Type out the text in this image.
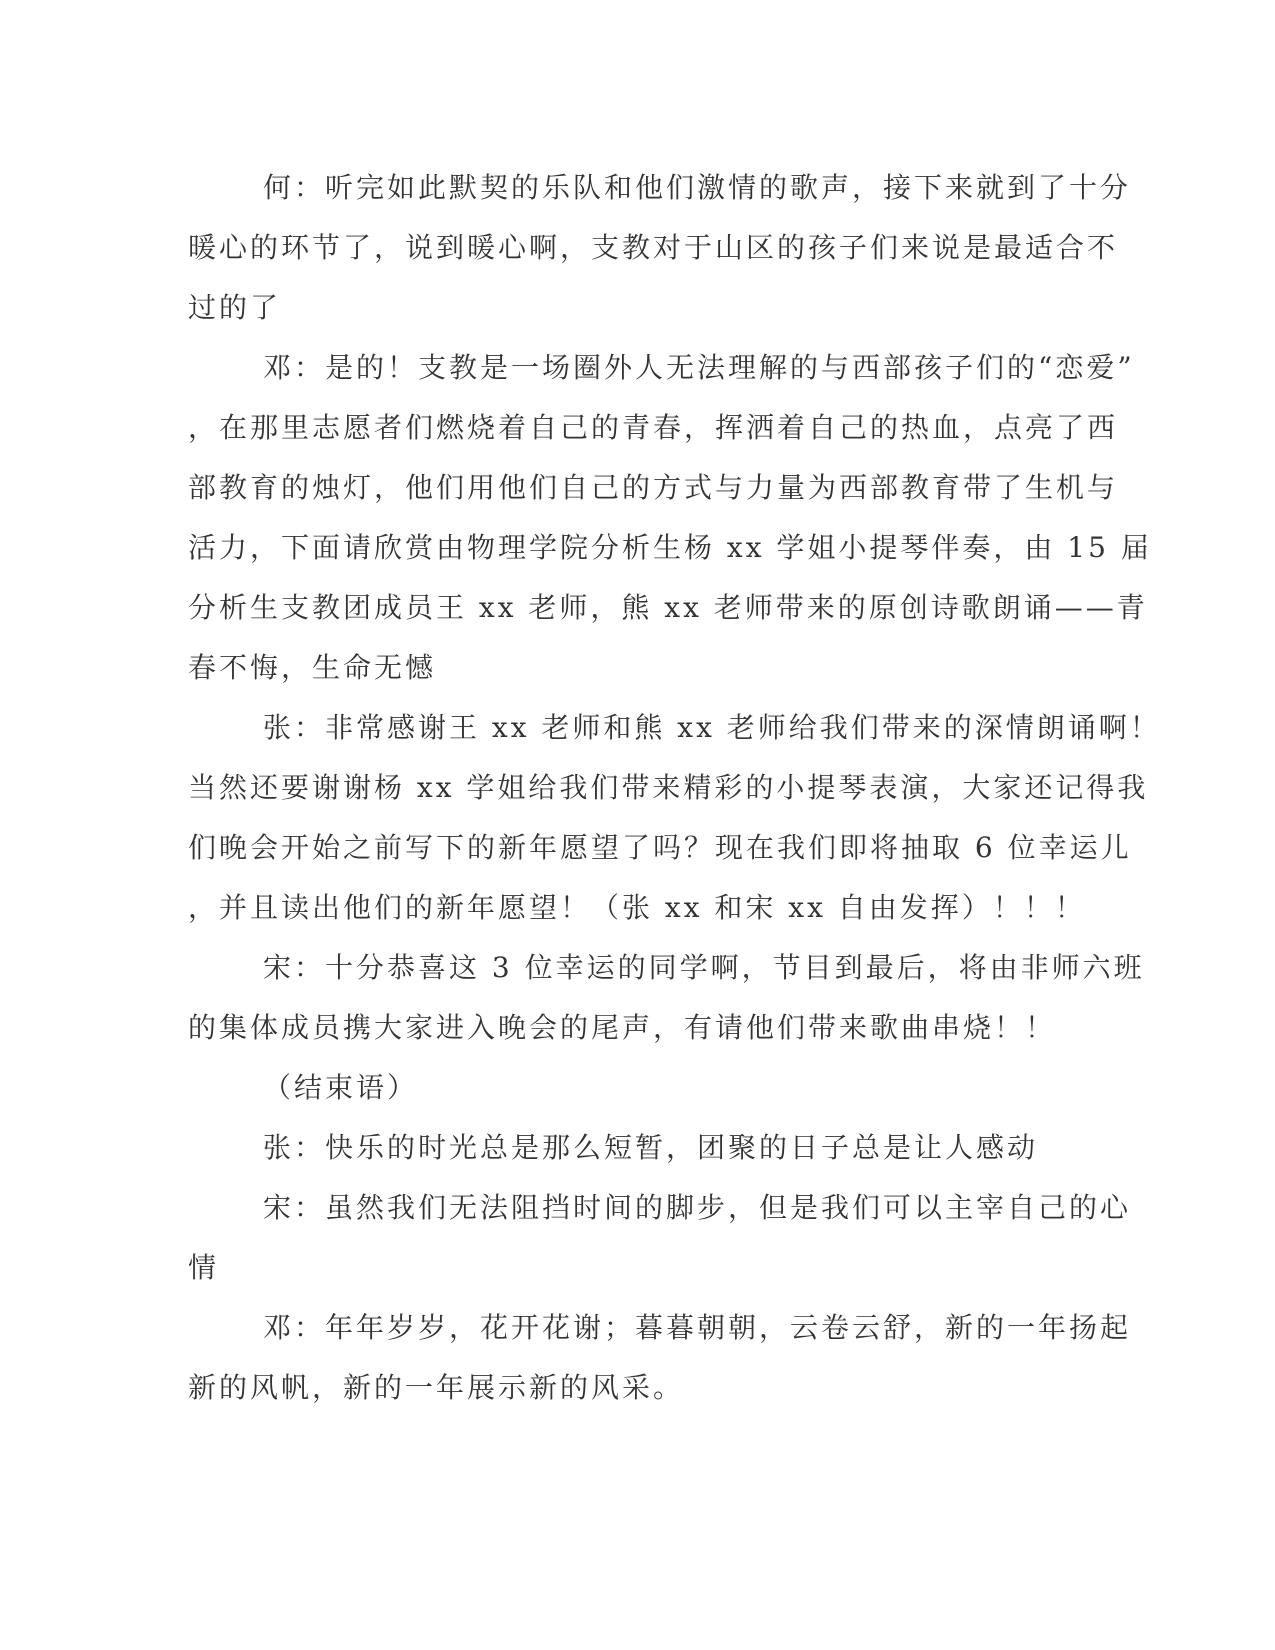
何：听完如此默契的乐队和他们激情的歌声，接下来就到了十分
暖心的环节了，说到暖心啊，支教对于山区的孩子们来说是最适合不
过的了
邓：是的！支教是一场圈外人无法理解的与西部孩子们的“恋爱”
，在那里志愿者们燃烧着自己的青春，挥洒着自己的热血，点亮了西
部教育的烛灯，他们用他们自己的方式与力量为西部教育带了生机与
活力，下面请欣赏由物理学院分析生杨 xx 学姐小提琴伴奏，由 15 届
分析生支教团成员王 xx 老师，熊 xx 老师带来的原创诗歌朗诵——青
春不悔，生命无憾
张：非常感谢王 xx 老师和熊 xx 老师给我们带来的深情朗诵啊！
当然还要谢谢杨 xx 学姐给我们带来精彩的小提琴表演，大家还记得我
们晚会开始之前写下的新年愿望了吗？现在我们即将抽取 6 位幸运儿
，并且读出他们的新年愿望！（张 xx 和宋 xx 自由发挥）！！！
宋：十分恭喜这 3 位幸运的同学啊，节目到最后，将由非师六班
的集体成员携大家进入晚会的尾声，有请他们带来歌曲串烧！！
（结束语）
张：快乐的时光总是那么短暂，团聚的日子总是让人感动
宋：虽然我们无法阻挡时间的脚步，但是我们可以主宰自己的心
情
邓：年年岁岁，花开花谢；暮暮朝朝，云卷云舒，新的一年扬起
新的风帆，新的一年展示新的风采。
